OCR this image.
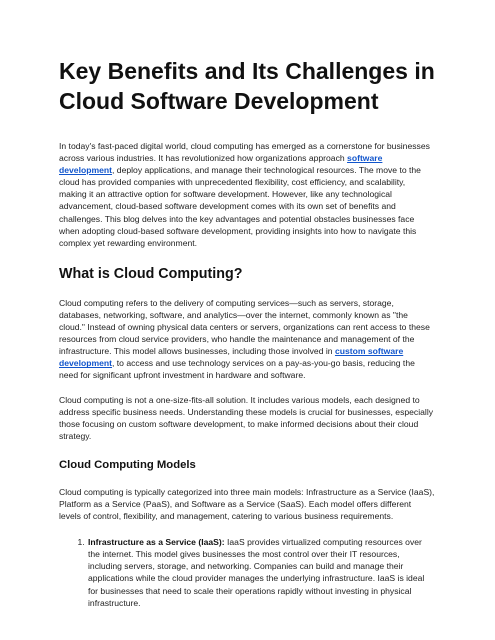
Key Benefits and Its Challenges in Cloud Software Development

In today's fast-paced digital world, cloud computing has emerged as a cornerstone for businesses across various industries. It has revolutionized how organizations approach software development, deploy applications, and manage their technological resources. The move to the cloud has provided companies with unprecedented flexibility, cost efficiency, and scalability, making it an attractive option for software development. However, like any technological advancement, cloud-based software development comes with its own set of benefits and challenges. This blog delves into the key advantages and potential obstacles businesses face when adopting cloud-based software development, providing insights into how to navigate this complex yet rewarding environment.

What is Cloud Computing?

Cloud computing refers to the delivery of computing services—such as servers, storage, databases, networking, software, and analytics—over the internet, commonly known as "the cloud." Instead of owning physical data centers or servers, organizations can rent access to these resources from cloud service providers, who handle the maintenance and management of the infrastructure. This model allows businesses, including those involved in custom software development, to access and use technology services on a pay-as-you-go basis, reducing the need for significant upfront investment in hardware and software.

Cloud computing is not a one-size-fits-all solution. It includes various models, each designed to address specific business needs. Understanding these models is crucial for businesses, especially those focusing on custom software development, to make informed decisions about their cloud strategy.

Cloud Computing Models

Cloud computing is typically categorized into three main models: Infrastructure as a Service (IaaS), Platform as a Service (PaaS), and Software as a Service (SaaS). Each model offers different levels of control, flexibility, and management, catering to various business requirements.

1. Infrastructure as a Service (IaaS): IaaS provides virtualized computing resources over the internet. This model gives businesses the most control over their IT resources, including servers, storage, and networking. Companies can build and manage their applications while the cloud provider manages the underlying infrastructure. IaaS is ideal for businesses that need to scale their operations rapidly without investing in physical infrastructure.
